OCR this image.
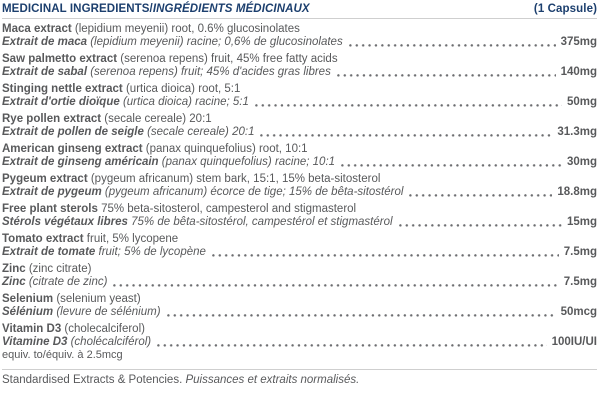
MEDICINAL INGREDIENTS/INGRÉDIENTS MÉDICINAUX	(1 Capsule)
Maca extract (lepidium meyenii) root, 0.6% glucosinolates
Extrait de maca (lepidium meyenii) racine; 0,6% de glucosinolates	375mg
Saw palmetto extract (serenoa repens) fruit, 45% free fatty acids
Extrait de sabal (serenoa repens) fruit; 45% d'acides gras libres	140mg
Stinging nettle extract (urtica dioica) root, 5:1
Extrait d'ortie dioïque (urtica dioica) racine; 5:1	50mg
Rye pollen extract (secale cereale) 20:1
Extrait de pollen de seigle (secale cereale) 20:1	31.3mg
American ginseng extract (panax quinquefolius) root, 10:1
Extrait de ginseng américain (panax quinquefolius) racine; 10:1	30mg
Pygeum extract (pygeum africanum) stem bark, 15:1, 15% beta-sitosterol
Extrait de pygeum (pygeum africanum) écorce de tige; 15% de bêta-sitostérol	18.8mg
Free plant sterols 75% beta-sitosterol, campesterol and stigmasterol
Stérols végétaux libres 75% de bêta-sitostérol, campestérol et stigmastérol	15mg
Tomato extract fruit, 5% lycopene
Extrait de tomate fruit; 5% de lycopène	7.5mg
Zinc (zinc citrate)
Zinc (citrate de zinc)	7.5mg
Selenium (selenium yeast)
Sélénium (levure de sélénium)	50mcg
Vitamin D3 (cholecalciferol)
Vitamine D3 (cholécalciférol)	100IU/UI
equiv. to/équiv. à 2.5mcg
Standardised Extracts & Potencies. Puissances et extraits normalisés.
